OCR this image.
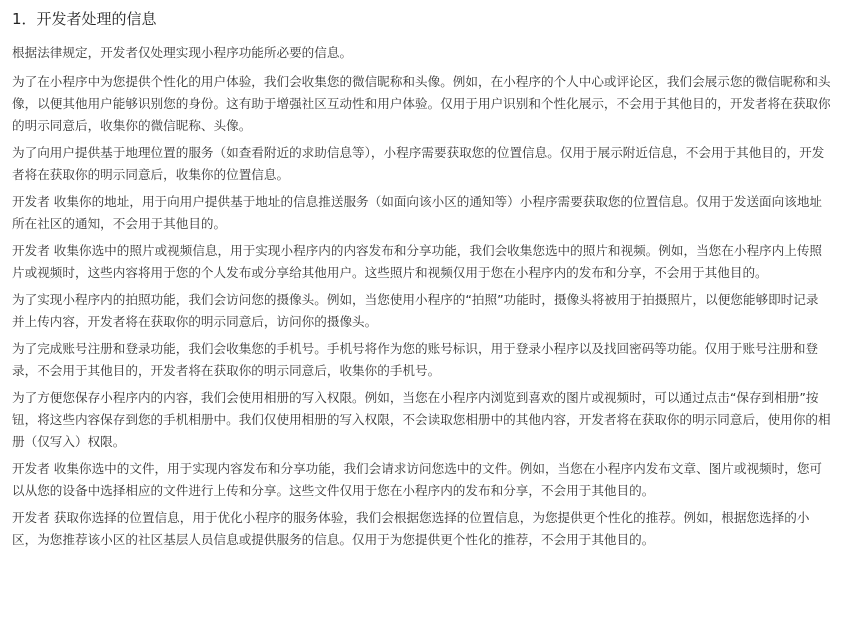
1．开发者处理的信息

根据法律规定，开发者仅处理实现小程序功能所必要的信息。

为了在小程序中为您提供个性化的用户体验，我们会收集您的微信昵称和头像。例如，在小程序的个人中心或评论区，我们会展示您的微信昵称和头像，以便其他用户能够识别您的身份。这有助于增强社区互动性和用户体验。仅用于用户识别和个性化展示，不会用于其他目的，开发者将在获取你的明示同意后，收集你的微信昵称、头像。

为了向用户提供基于地理位置的服务（如查看附近的求助信息等），小程序需要获取您的位置信息。仅用于展示附近信息，不会用于其他目的，开发者将在获取你的明示同意后，收集你的位置信息。

开发者 收集你的地址，用于向用户提供基于地址的信息推送服务（如面向该小区的通知等）小程序需要获取您的位置信息。仅用于发送面向该地址所在社区的通知，不会用于其他目的。

开发者 收集你选中的照片或视频信息，用于实现小程序内的内容发布和分享功能，我们会收集您选中的照片和视频。例如，当您在小程序内上传照片或视频时，这些内容将用于您的个人发布或分享给其他用户。这些照片和视频仅用于您在小程序内的发布和分享，不会用于其他目的。

为了实现小程序内的拍照功能，我们会访问您的摄像头。例如，当您使用小程序的“拍照”功能时，摄像头将被用于拍摄照片，以便您能够即时记录并上传内容，开发者将在获取你的明示同意后，访问你的摄像头。

为了完成账号注册和登录功能，我们会收集您的手机号。手机号将作为您的账号标识，用于登录小程序以及找回密码等功能。仅用于账号注册和登录，不会用于其他目的，开发者将在获取你的明示同意后，收集你的手机号。

为了方便您保存小程序内的内容，我们会使用相册的写入权限。例如，当您在小程序内浏览到喜欢的图片或视频时，可以通过点击“保存到相册”按钮，将这些内容保存到您的手机相册中。我们仅使用相册的写入权限，不会读取您相册中的其他内容，开发者将在获取你的明示同意后，使用你的相册（仅写入）权限。

开发者 收集你选中的文件，用于实现内容发布和分享功能，我们会请求访问您选中的文件。例如，当您在小程序内发布文章、图片或视频时，您可以从您的设备中选择相应的文件进行上传和分享。这些文件仅用于您在小程序内的发布和分享，不会用于其他目的。

开发者 获取你选择的位置信息，用于优化小程序的服务体验，我们会根据您选择的位置信息，为您提供更个性化的推荐。例如，根据您选择的小区，为您推荐该小区的社区基层人员信息或提供服务的信息。仅用于为您提供更个性化的推荐，不会用于其他目的。
